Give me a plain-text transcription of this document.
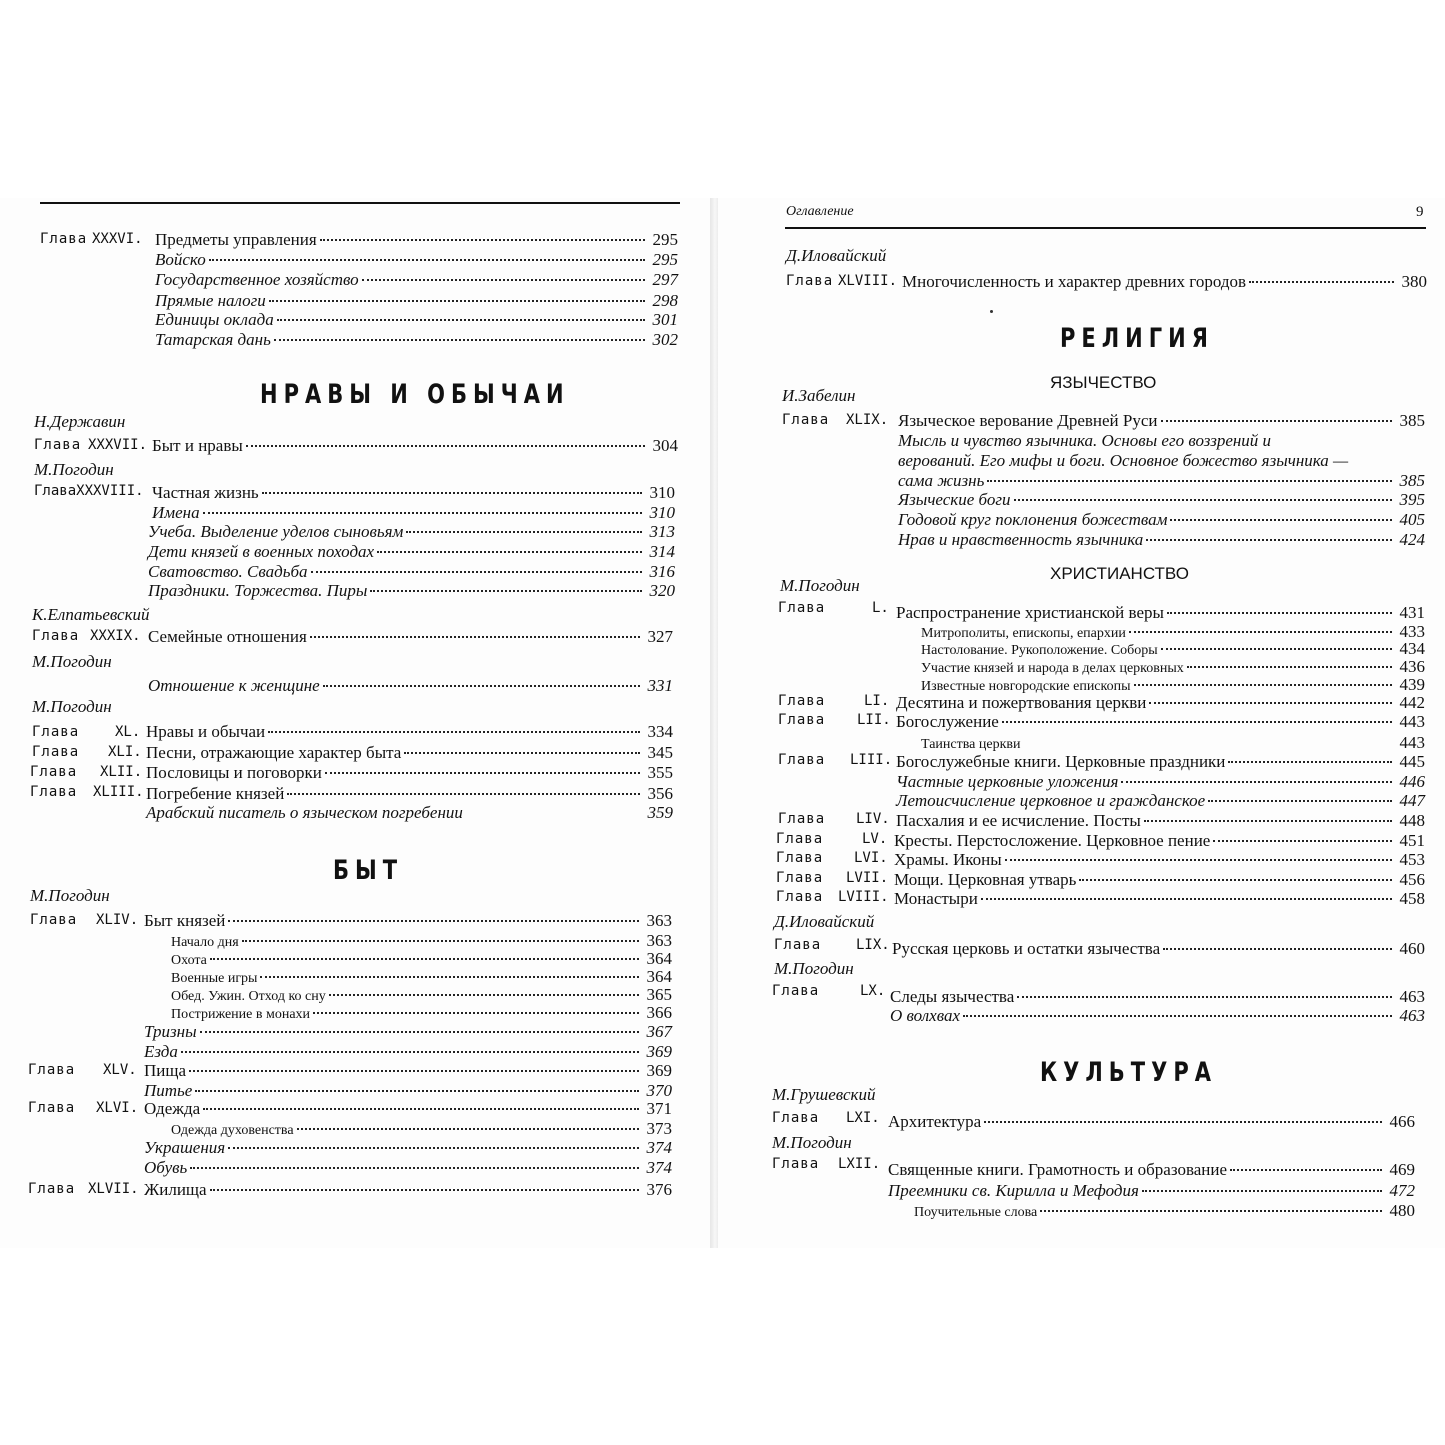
Глава XXXVI. Предметы управления	295
Войско	295
Государственное хозяйство	297
Прямые налоги	298
Единицы оклада	301
Татарская дань	302
НРАВЫ И ОБЫЧАИ
Н.Державин
Глава XXXVII. Быт и нравы	304
М.Погодин
ГлаваXXXVIII. Частная жизнь	310
Имена	310
Учеба. Выделение уделов сыновьям	313
Дети князей в военных походах	314
Сватовство. Свадьба	316
Праздники. Торжества. Пиры	320
К.Елпатьевский
Глава XXXIX. Семейные отношения	327
М.Погодин
Отношение к женщине	331
М.Погодин
Глава	XL. Нравы и обычаи	334
Глава XLI. Песни, отражающие характер быта	345
Глава XLII. Пословицы и поговорки	355
Глава XLIII. Погребение князей	356
Арабский писатель о языческом погребении	359
БЫТ
М.Погодин
Глава XLIV. Быт князей	363
Начало дня	363
Охота	364
Военные игры	364
Обед. Ужин. Отход ко сну	365
Пострижение в монахи	366
Тризны	367
Езда	369
Глава XLV. Пища	369
Питье	370
Глава XLVI. Одежда	371
Одежда духовенства	373
Украшения	374
Обувь	374
Глава XLVII. Жилища	376
Оглавление	9
Д.Иловайский
Глава XLVIII. Многочисленность и характер древних городов	380
РЕЛИГИЯ
ЯЗЫЧЕСТВО
И.Забелин
Глава XLIX. Языческое верование Древней Руси	385
Мысль и чувство язычника. Основы его воззрений и
верований. Его мифы и боги. Основное божество язычника —
сама жизнь	385
Языческие боги	395
Годовой круг поклонения божествам	405
Нрав и нравственность язычника	424
ХРИСТИАНСТВО
М.Погодин
Глава	L. Распространение христианской веры	431
Митрополиты, епископы, епархии	433
Настолование. Рукоположение. Соборы	434
Участие князей и народа в делах церковных	436
Известные новгородские епископы	439
Глава	LI. Десятина и пожертвования церкви	442
Глава LII. Богослужение	443
Таинства церкви	443
Глава LIII. Богослужебные книги. Церковные праздники	445
Частные церковные уложения	446
Летоисчисление церковное и гражданское	447
Глава LIV. Пасхалия и ее исчисление. Посты	448
Глава	LV. Кресты. Перстосложение. Церковное пение	451
Глава LVI. Храмы. Иконы	453
Глава LVII. Мощи. Церковная утварь	456
Глава LVIII. Монастыри	458
Д.Иловайский
Глава LIX. Русская церковь и остатки язычества	460
М.Погодин
Глава	LX. Следы язычества	463
О волхвах	463
КУЛЬТУРА
М.Грушевский
Глава LXI. Архитектура	466
М.Погодин
Глава LXII. Священные книги. Грамотность и образование	469
Преемники св. Кирилла и Мефодия	472
Поучительные слова	480
